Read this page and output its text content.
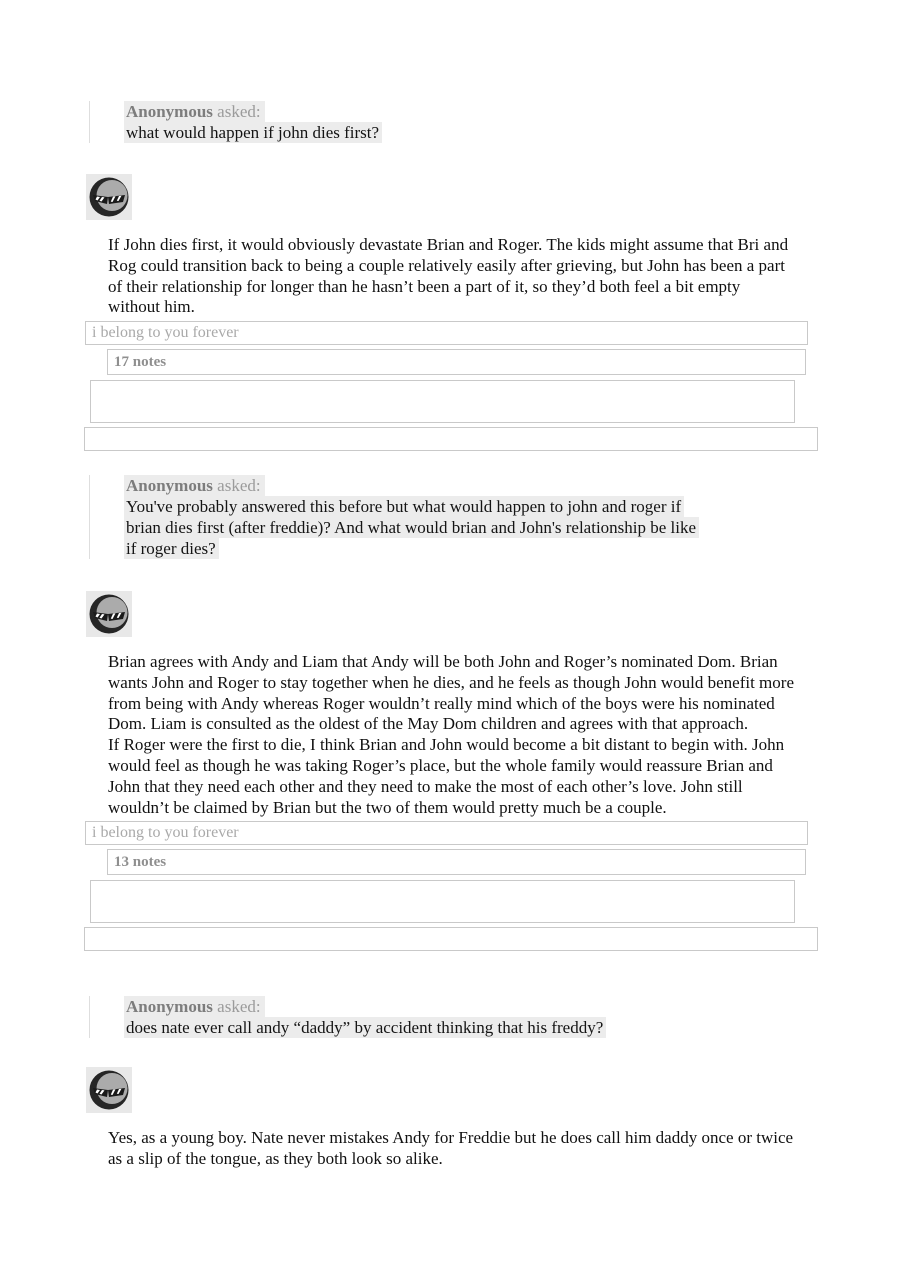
Anonymous asked:
what would happen if john dies first?

If John dies first, it would obviously devastate Brian and Roger. The kids might assume that Bri and Rog could transition back to being a couple relatively easily after grieving, but John has been a part of their relationship for longer than he hasn’t been a part of it, so they’d both feel a bit empty without him.

i belong to you forever
17 notes
Anonymous asked:
You've probably answered this before but what would happen to john and roger if brian dies first (after freddie)? And what would brian and John's relationship be like if roger dies?

Brian agrees with Andy and Liam that Andy will be both John and Roger’s nominated Dom. Brian wants John and Roger to stay together when he dies, and he feels as though John would benefit more from being with Andy whereas Roger wouldn’t really mind which of the boys were his nominated Dom. Liam is consulted as the oldest of the May Dom children and agrees with that approach.

If Roger were the first to die, I think Brian and John would become a bit distant to begin with. John would feel as though he was taking Roger’s place, but the whole family would reassure Brian and John that they need each other and they need to make the most of each other’s love. John still wouldn’t be claimed by Brian but the two of them would pretty much be a couple.

i belong to you forever
13 notes
Anonymous asked:
does nate ever call andy “daddy” by accident thinking that his freddy?

Yes, as a young boy. Nate never mistakes Andy for Freddie but he does call him daddy once or twice as a slip of the tongue, as they both look so alike.
